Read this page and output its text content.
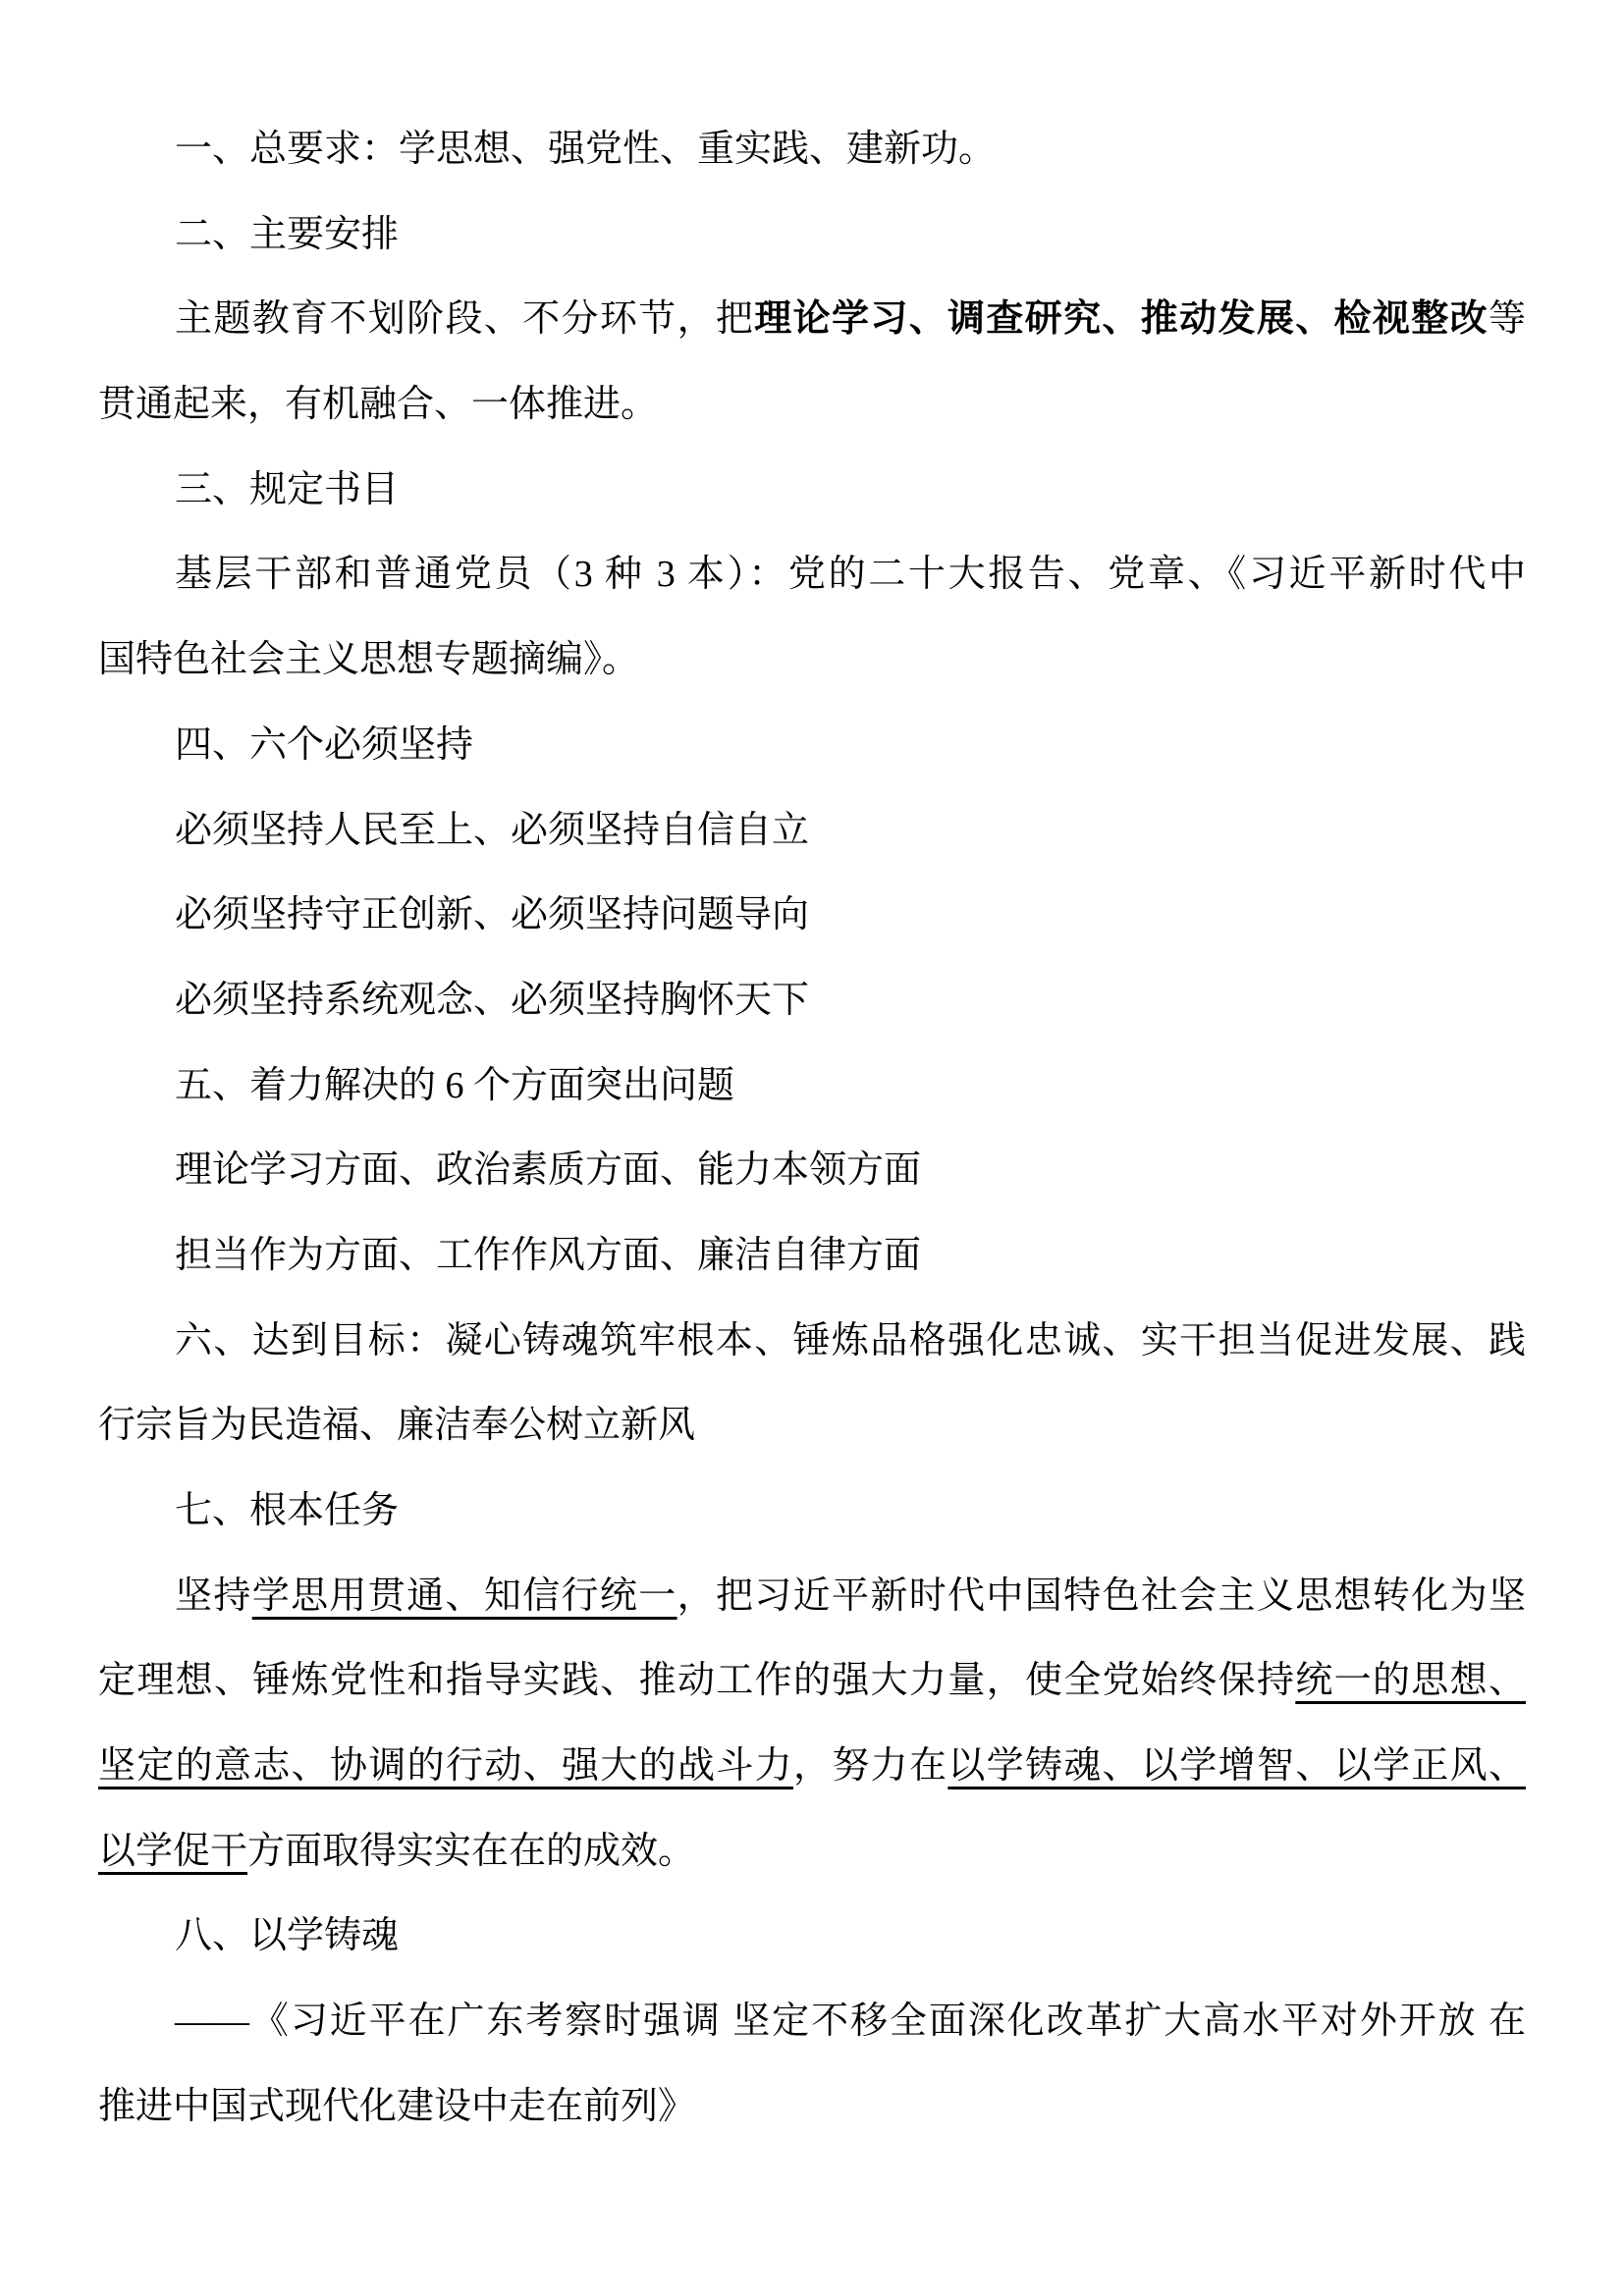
一、总要求：学思想、强党性、重实践、建新功。
二、主要安排
主题教育不划阶段、不分环节，把理论学习、调查研究、推动发展、检视整改等
贯通起来，有机融合、一体推进。
三、规定书目
基层干部和普通党员（3 种 3 本）：党的二十大报告、党章、《习近平新时代中
国特色社会主义思想专题摘编》。
四、六个必须坚持
必须坚持人民至上、必须坚持自信自立
必须坚持守正创新、必须坚持问题导向
必须坚持系统观念、必须坚持胸怀天下
五、着力解决的 6 个方面突出问题
理论学习方面、政治素质方面、能力本领方面
担当作为方面、工作作风方面、廉洁自律方面
六、达到目标：凝心铸魂筑牢根本、锤炼品格强化忠诚、实干担当促进发展、践
行宗旨为民造福、廉洁奉公树立新风
七、根本任务
坚持学思用贯通、知信行统一，把习近平新时代中国特色社会主义思想转化为坚
定理想、锤炼党性和指导实践、推动工作的强大力量，使全党始终保持统一的思想、
坚定的意志、协调的行动、强大的战斗力，努力在以学铸魂、以学增智、以学正风、
以学促干方面取得实实在在的成效。
八、以学铸魂
——《习近平在广东考察时强调 坚定不移全面深化改革扩大高水平对外开放 在
推进中国式现代化建设中走在前列》
